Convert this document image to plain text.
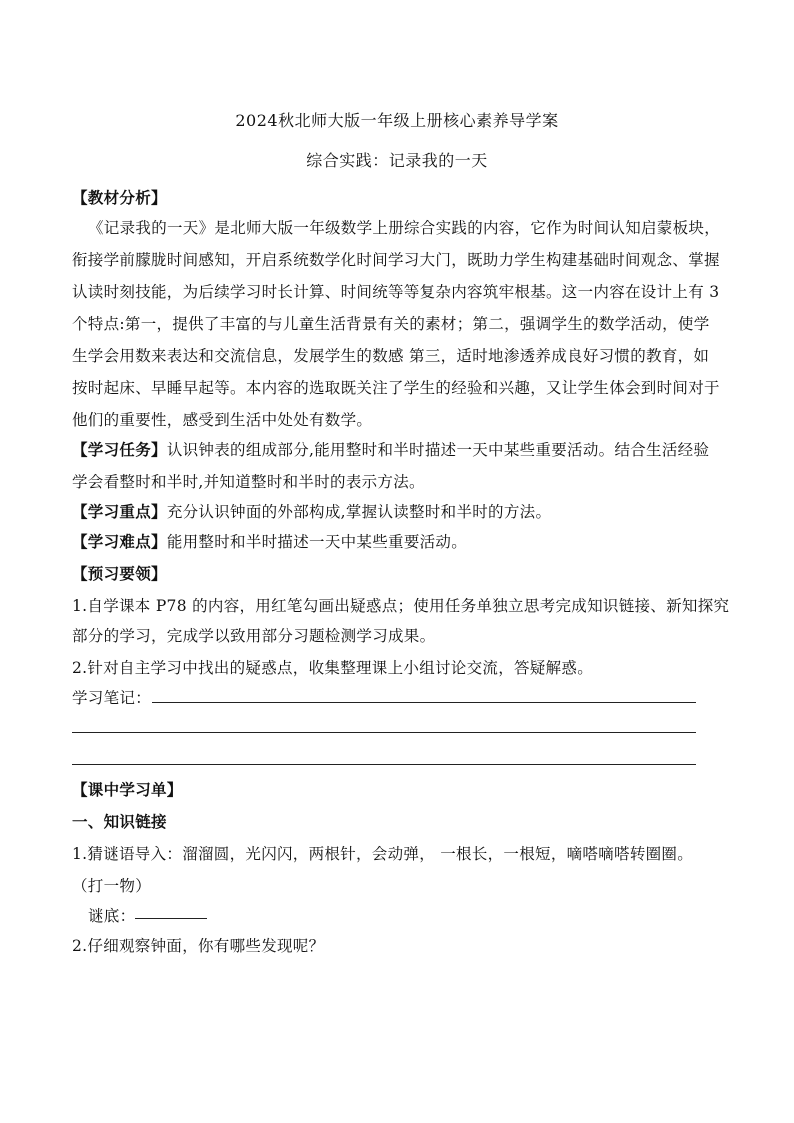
2024秋北师大版一年级上册核心素养导学案
综合实践：记录我的一天
【教材分析】
《记录我的一天》是北师大版一年级数学上册综合实践的内容，它作为时间认知启蒙板块，
衔接学前朦胧时间感知，开启系统数学化时间学习大门，既助力学生构建基础时间观念、掌握
认读时刻技能，为后续学习时长计算、时间统等等复杂内容筑牢根基。这一内容在设计上有 3
个特点:第一，提供了丰富的与儿童生活背景有关的素材；第二，强调学生的数学活动，使学
生学会用数来表达和交流信息，发展学生的数感 第三，适时地渗透养成良好习惯的教育，如
按时起床、早睡早起等。本内容的选取既关注了学生的经验和兴趣，又让学生体会到时间对于
他们的重要性，感受到生活中处处有数学。
【学习任务】认识钟表的组成部分,能用整时和半时描述一天中某些重要活动。结合生活经验
学会看整时和半时,并知道整时和半时的表示方法。
【学习重点】充分认识钟面的外部构成,掌握认读整时和半时的方法。
【学习难点】能用整时和半时描述一天中某些重要活动。
【预习要领】
1.自学课本 P78 的内容，用红笔勾画出疑惑点；使用任务单独立思考完成知识链接、新知探究
部分的学习，完成学以致用部分习题检测学习成果。
2.针对自主学习中找出的疑惑点，收集整理课上小组讨论交流，答疑解惑。
学习笔记：
【课中学习单】
一、知识链接
1.猜谜语导入：溜溜圆，光闪闪，两根针，会动弹， 一根长，一根短，嘀嗒嘀嗒转圈圈。
（打一物）
谜底：
2.仔细观察钟面，你有哪些发现呢？
